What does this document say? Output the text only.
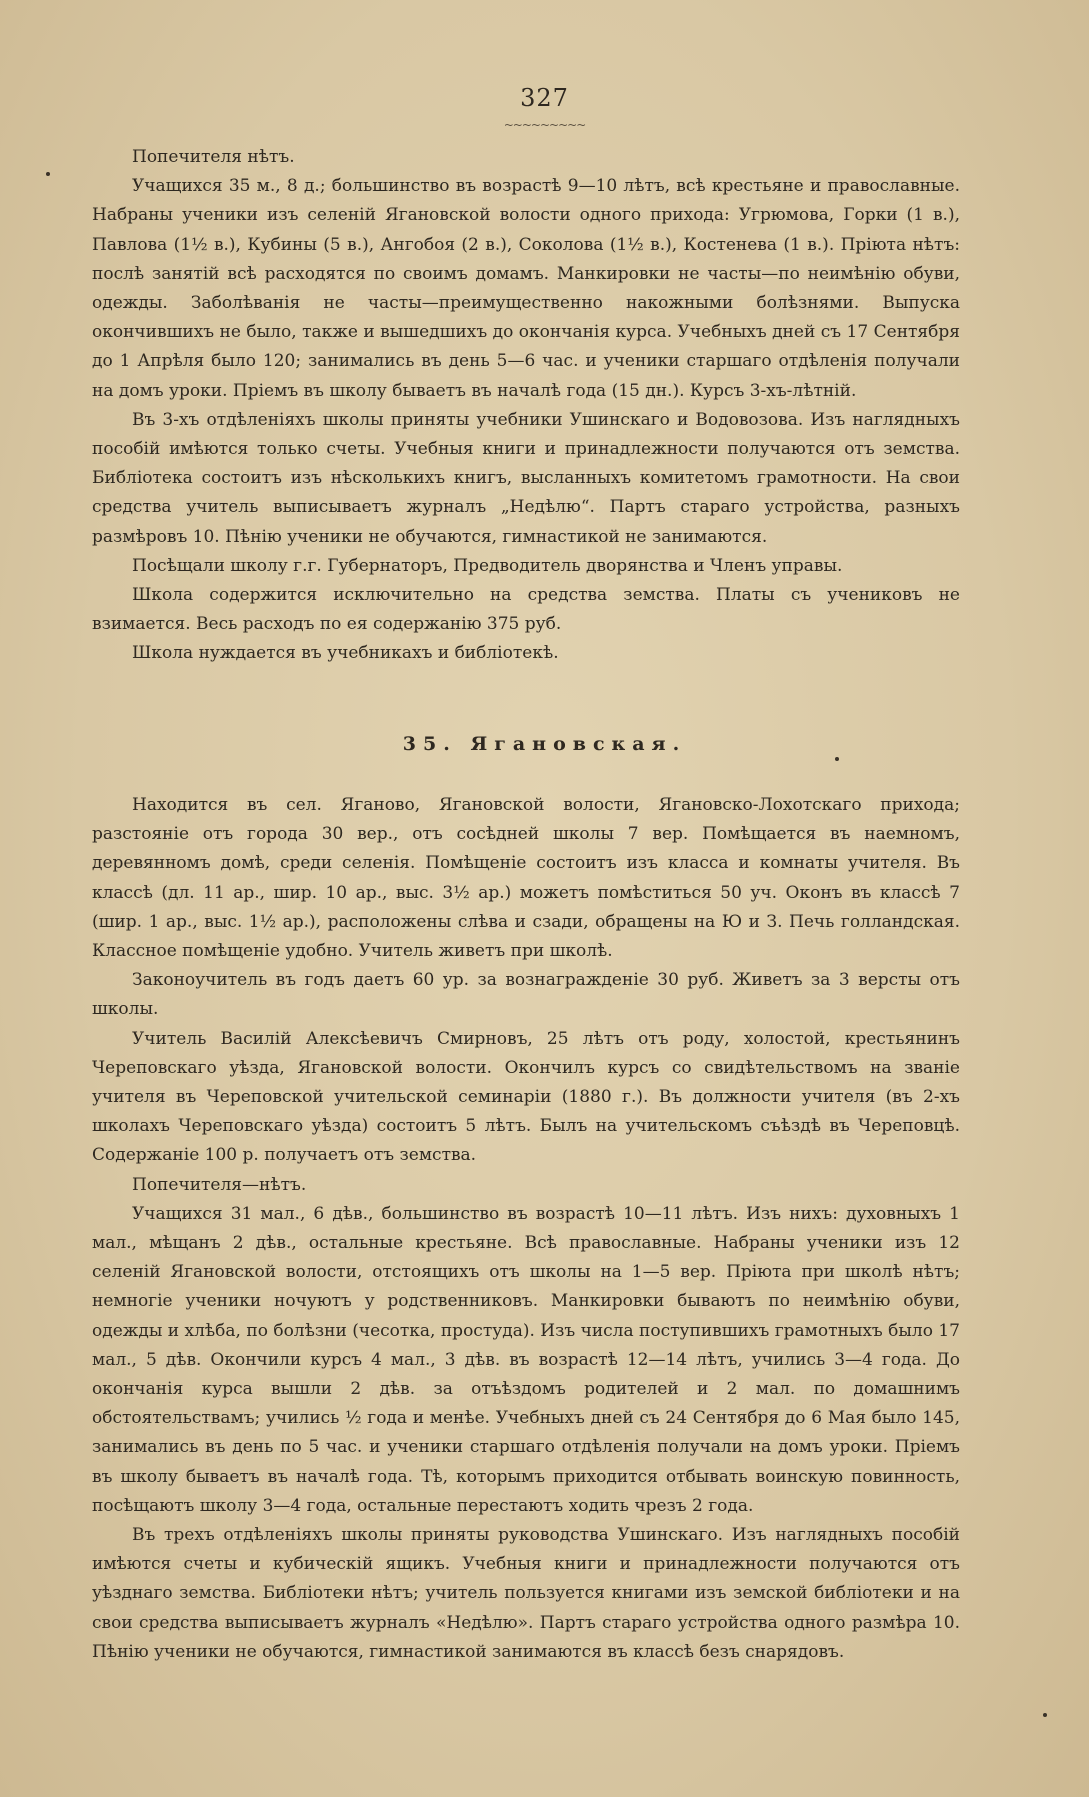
327
~~~~~~~~~

Попечителя нѣтъ.

Учащихся 35 м., 8 д.; большинство въ возрастѣ 9—10 лѣтъ, всѣ крестьяне и православные. Набраны ученики изъ селеній Ягановской волости одного прихода: Угрюмова, Горки (1 в.), Павлова (1½ в.), Кубины (5 в.), Ангобоя (2 в.), Соколова (1½ в.), Костенева (1 в.). Пріюта нѣтъ: послѣ занятій всѣ расходятся по своимъ домамъ. Манкировки не часты—по неимѣнію обуви, одежды. Заболѣванія не часты—преимущественно накожными болѣзнями. Выпуска окончившихъ не было, также и вышедшихъ до окончанія курса. Учебныхъ дней съ 17 Сентября до 1 Апрѣля было 120; занимались въ день 5—6 час. и ученики старшаго отдѣленія получали на домъ уроки. Пріемъ въ школу бываетъ въ началѣ года (15 дн.). Курсъ 3-хъ-лѣтній.

Въ 3-хъ отдѣленіяхъ школы приняты учебники Ушинскаго и Водовозова. Изъ наглядныхъ пособій имѣются только счеты. Учебныя книги и принадлежности получаются отъ земства. Библіотека состоитъ изъ нѣсколькихъ книгъ, высланныхъ комитетомъ грамотности. На свои средства учитель выписываетъ журналъ „Недѣлю“. Партъ стараго устройства, разныхъ размѣровъ 10. Пѣнію ученики не обучаются, гимнастикой не занимаются.

Посѣщали школу г.г. Губернаторъ, Предводитель дворянства и Членъ управы.

Школа содержится исключительно на средства земства. Платы съ учениковъ не взимается. Весь расходъ по ея содержанію 375 руб.

Школа нуждается въ учебникахъ и библіотекѣ.

35. Ягановская.

Находится въ сел. Яганово, Ягановской волости, Ягановско-Лохотскаго прихода; разстояніе отъ города 30 вер., отъ сосѣдней школы 7 вер. Помѣщается въ наемномъ, деревянномъ домѣ, среди селенія. Помѣщеніе состоитъ изъ класса и комнаты учителя. Въ классѣ (дл. 11 ар., шир. 10 ар., выс. 3½ ар.) можетъ помѣститься 50 уч. Оконъ въ классѣ 7 (шир. 1 ар., выс. 1½ ар.), расположены слѣва и сзади, обращены на Ю и З. Печь голландская. Классное помѣщеніе удобно. Учитель живетъ при школѣ.

Законоучитель въ годъ даетъ 60 ур. за вознагражденіе 30 руб. Живетъ за 3 версты отъ школы.

Учитель Василій Алексѣевичъ Смирновъ, 25 лѣтъ отъ роду, холостой, крестьянинъ Череповскаго уѣзда, Ягановской волости. Окончилъ курсъ со свидѣтельствомъ на званіе учителя въ Череповской учительской семинаріи (1880 г.). Въ должности учителя (въ 2-хъ школахъ Череповскаго уѣзда) состоитъ 5 лѣтъ. Былъ на учительскомъ съѣздѣ въ Череповцѣ. Содержаніе 100 р. получаетъ отъ земства.

Попечителя—нѣтъ.

Учащихся 31 мал., 6 дѣв., большинство въ возрастѣ 10—11 лѣтъ. Изъ нихъ: духовныхъ 1 мал., мѣщанъ 2 дѣв., остальные крестьяне. Всѣ православные. Набраны ученики изъ 12 селеній Ягановской волости, отстоящихъ отъ школы на 1—5 вер. Пріюта при школѣ нѣтъ; немногіе ученики ночуютъ у родственниковъ. Манкировки бываютъ по неимѣнію обуви, одежды и хлѣба, по болѣзни (чесотка, простуда). Изъ числа поступившихъ грамотныхъ было 17 мал., 5 дѣв. Окончили курсъ 4 мал., 3 дѣв. въ возрастѣ 12—14 лѣтъ, учились 3—4 года. До окончанія курса вышли 2 дѣв. за отъѣздомъ родителей и 2 мал. по домашнимъ обстоятельствамъ; учились ½ года и менѣе. Учебныхъ дней съ 24 Сентября до 6 Мая было 145, занимались въ день по 5 час. и ученики старшаго отдѣленія получали на домъ уроки. Пріемъ въ школу бываетъ въ началѣ года. Тѣ, которымъ приходится отбывать воинскую повинность, посѣщаютъ школу 3—4 года, остальные перестаютъ ходить чрезъ 2 года.

Въ трехъ отдѣленіяхъ школы приняты руководства Ушинскаго. Изъ наглядныхъ пособій имѣются счеты и кубическій ящикъ. Учебныя книги и принадлежности получаются отъ уѣзднаго земства. Библіотеки нѣтъ; учитель пользуется книгами изъ земской библіотеки и на свои средства выписываетъ журналъ «Недѣлю». Партъ стараго устройства одного размѣра 10. Пѣнію ученики не обучаются, гимнастикой занимаются въ классѣ безъ снарядовъ.
